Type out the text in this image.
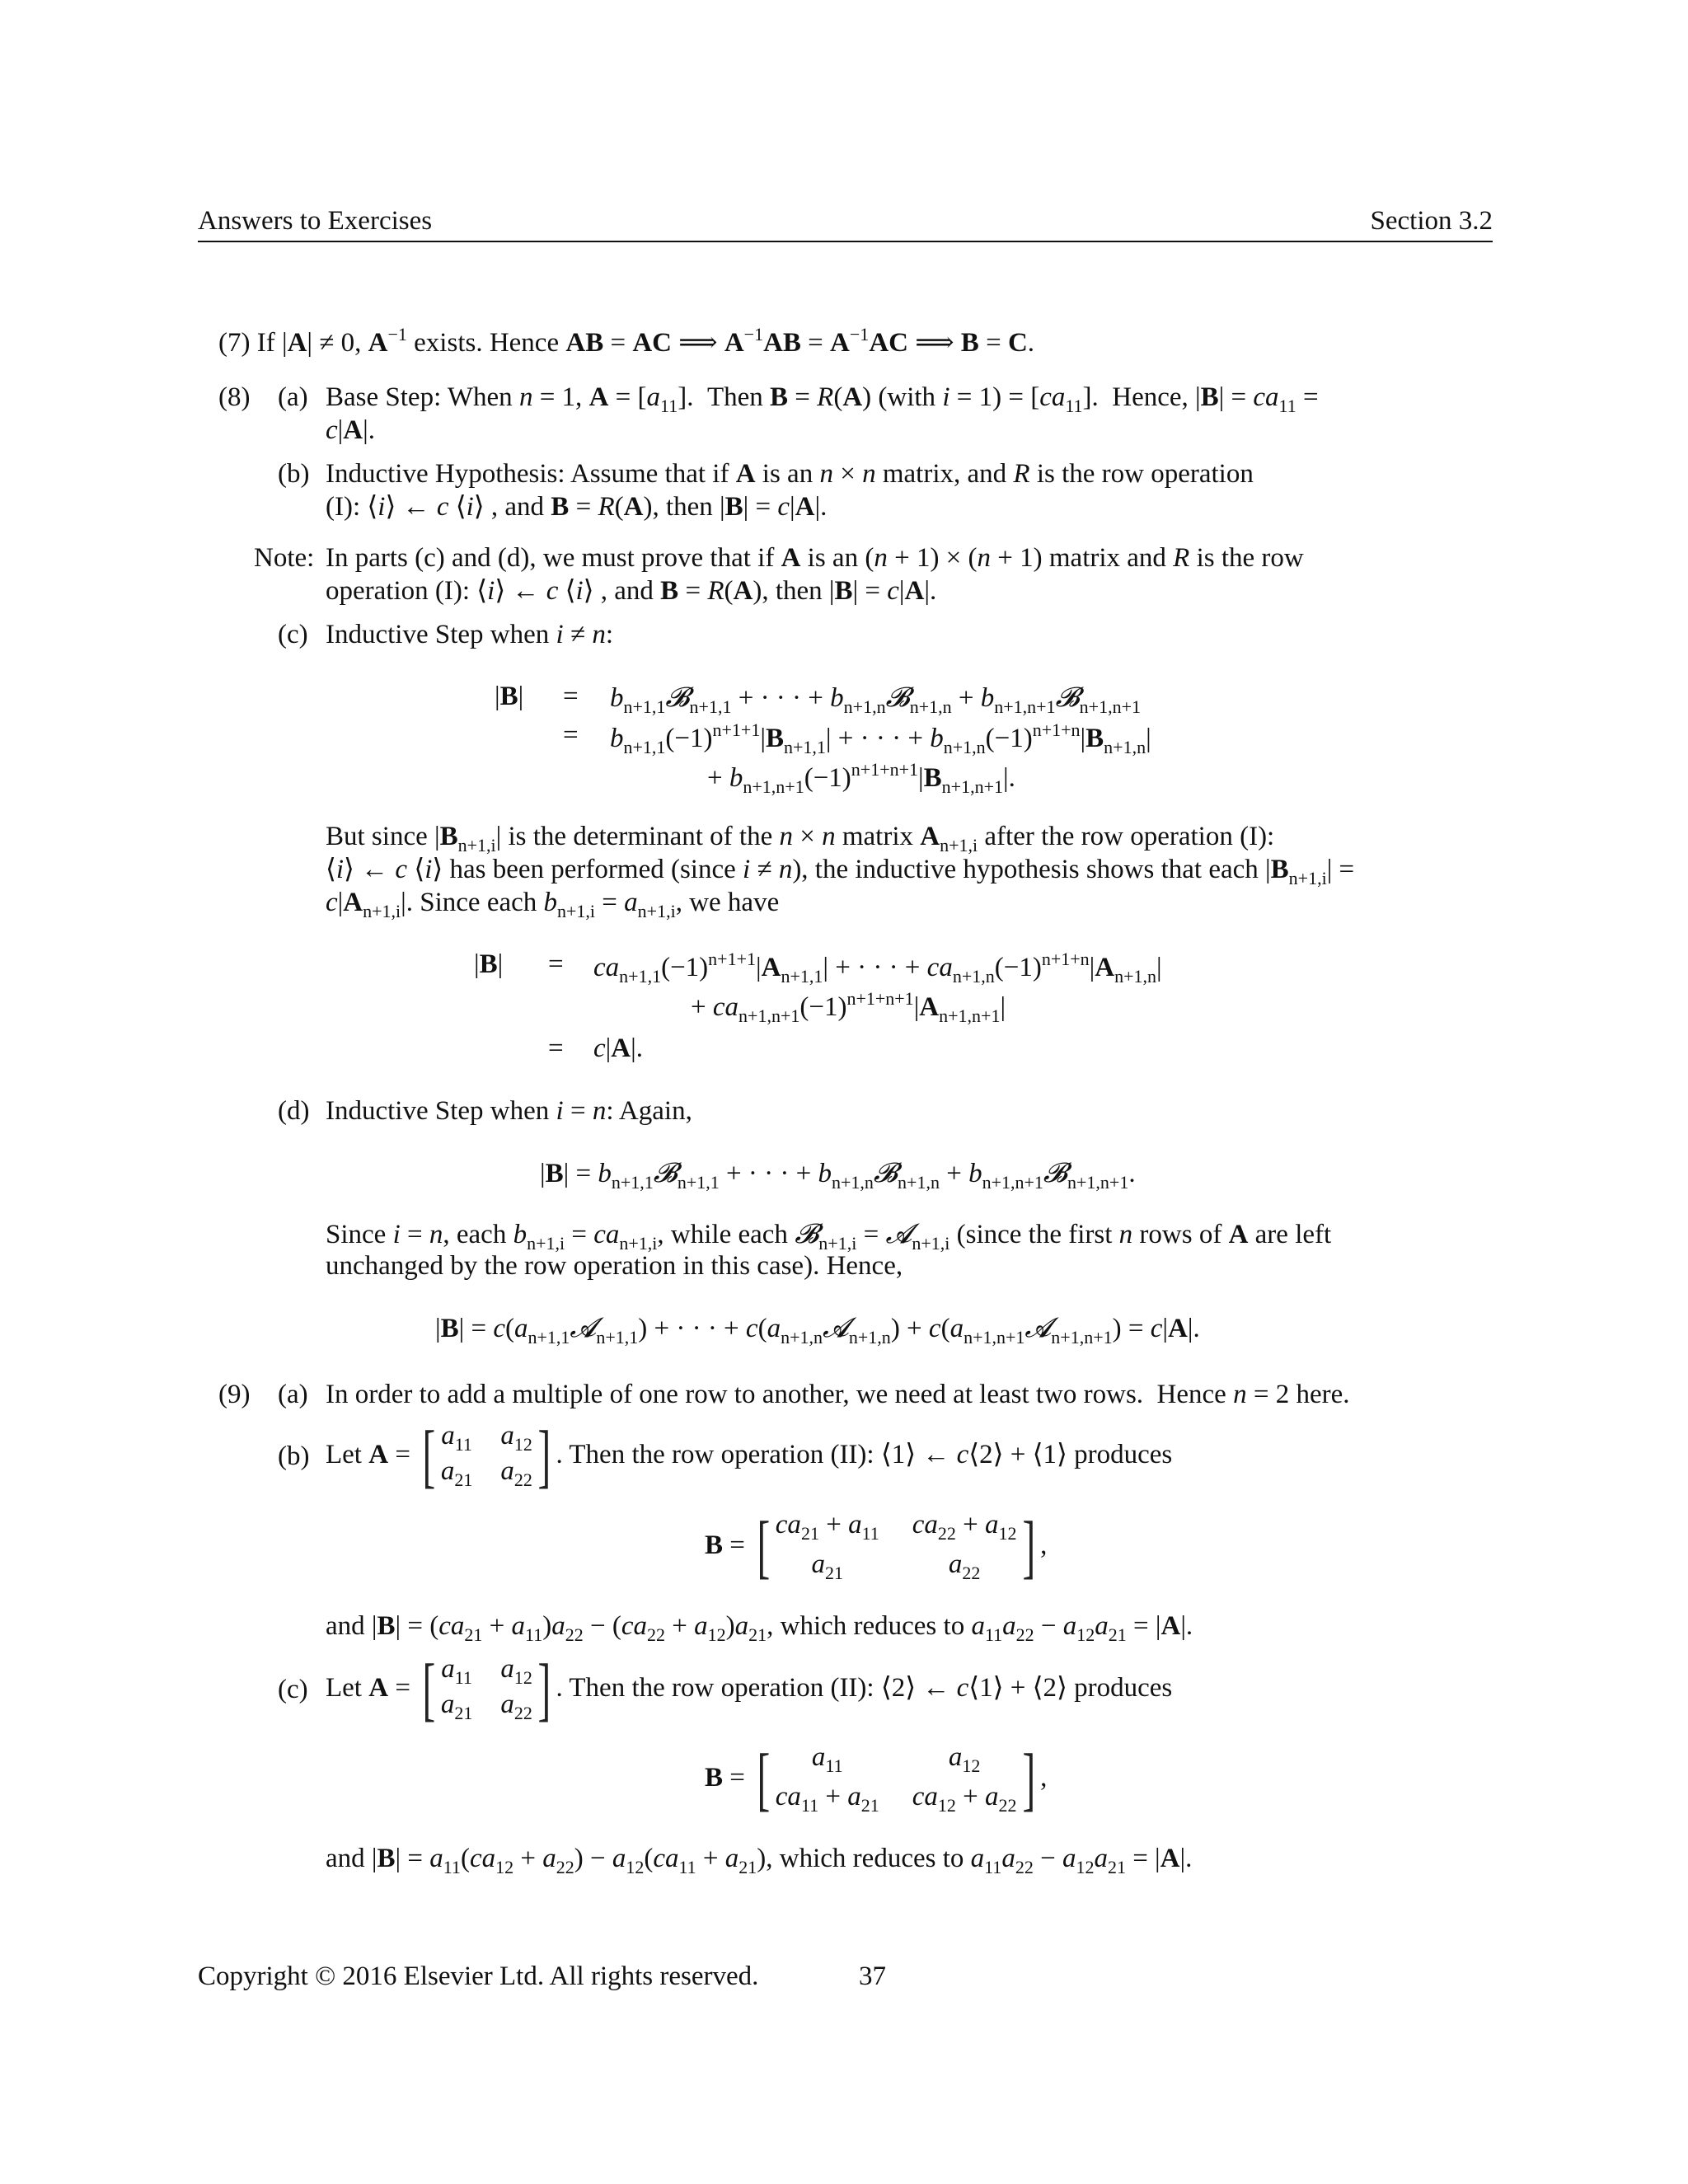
Answers to Exercises	Section 3.2
(7) If |A| ≠ 0, $A^{-1}$ exists. Hence AB = AC ⟹ $A^{-1}AB = A^{-1}AC$ ⟹ B = C.
(8) (a) Base Step: When n = 1, $A = [a_{11}]$.  Then B = R(A) (with $i = 1) = [ca_{11}]$.  Hence, $|B| = ca_{11}$ =
c|A|.
(b) Inductive Hypothesis: Assume that if A is an n × n matrix, and R is the row operation
(I): ⟨i⟩ ← c ⟨i⟩ , and B = R(A), then |B| = c|A|.
Note: In parts (c) and (d), we must prove that if A is an (n + 1) × (n + 1) matrix and R is the row
operation (I): ⟨i⟩ ← c ⟨i⟩ , and B = R(A), then |B| = c|A|.
(c) Inductive Step when i ≠ n:
$|B| = b_{n+1,1}𝓑_{n+1,1}$ + · · · + $b_{n+1,n}𝓑_{n+1,n}$ + $b_{n+1,n+1}𝓑_{n+1,n+1}$
= $b_{n+1,1}(-1)^{n+1+1}|B_{n+1,1}|$ + · · · + $b_{n+1,n}(-1)^{n+1+n}|B_{n+1,n}|$
+ $b_{n+1,n+1}(-1)^{n+1+n+1}|B_{n+1,n+1}|$.
But since $|B_{n+1,i}|$ is the determinant of the n × n matrix $A_{n+1,i}$ after the row operation (I):
⟨i⟩ ← c ⟨i⟩ has been performed (since i ≠ n), the inductive hypothesis shows that each $|B_{n+1,i}|$ =
$c|A_{n+1,i}|$. Since each $b_{n+1,i} = a_{n+1,i}$, we have
$|B| = ca_{n+1,1}(-1)^{n+1+1}|A_{n+1,1}|$ + · · · + $ca_{n+1,n}(-1)^{n+1+n}|A_{n+1,n}|$
+ $ca_{n+1,n+1}(-1)^{n+1+n+1}|A_{n+1,n+1}|$
= c|A|.
(d) Inductive Step when i = n: Again,
$|B| = b_{n+1,1}𝓑_{n+1,1}$ + · · · + $b_{n+1,n}𝓑_{n+1,n}$ + $b_{n+1,n+1}𝓑_{n+1,n+1}$.
Since i = n, each $b_{n+1,i} = ca_{n+1,i}$, while each 𝓑$_{n+1,i}$ = 𝓐$_{n+1,i}$ (since the first n rows of A are left
unchanged by the row operation in this case). Hence,
$|B| = c(a_{n+1,1}𝓐_{n+1,1})$ + · · · + $c(a_{n+1,n}𝓐_{n+1,n})$ + $c(a_{n+1,n+1}𝓐_{n+1,n+1}) = c|A|$.
(9) (a) In order to add a multiple of one row to another, we need at least two rows.  Hence n = 2 here.
(b) Let A = [ $a_{11}$ $a_{12}$
$a_{21}$ $a_{22}$ ] . Then the row operation (II): ⟨1⟩ ← c⟨2⟩ + ⟨1⟩ produces
B = [ $ca_{21} + a_{11}$ $ca_{22} + a_{12}$
$a_{21}$	$a_{22}$ ] ,
and $|B| = (ca_{21} + a_{11})a_{22} - (ca_{22} + a_{12})a_{21}$, which reduces to $a_{11}a_{22} - a_{12}a_{21} = |A|$.
(c) Let A = [ $a_{11}$ $a_{12}$
$a_{21}$ $a_{22}$ ] . Then the row operation (II): ⟨2⟩ ← c⟨1⟩ + ⟨2⟩ produces
B = [	$a_{11}$	$a_{12}$
$ca_{11} + a_{21}$ $ca_{12} + a_{22}$ ] ,
and $|B| = a_{11}(ca_{12} + a_{22}) - a_{12}(ca_{11} + a_{21})$, which reduces to $a_{11}a_{22} - a_{12}a_{21} = |A|$.
Copyright © 2016 Elsevier Ltd. All rights reserved.	37
